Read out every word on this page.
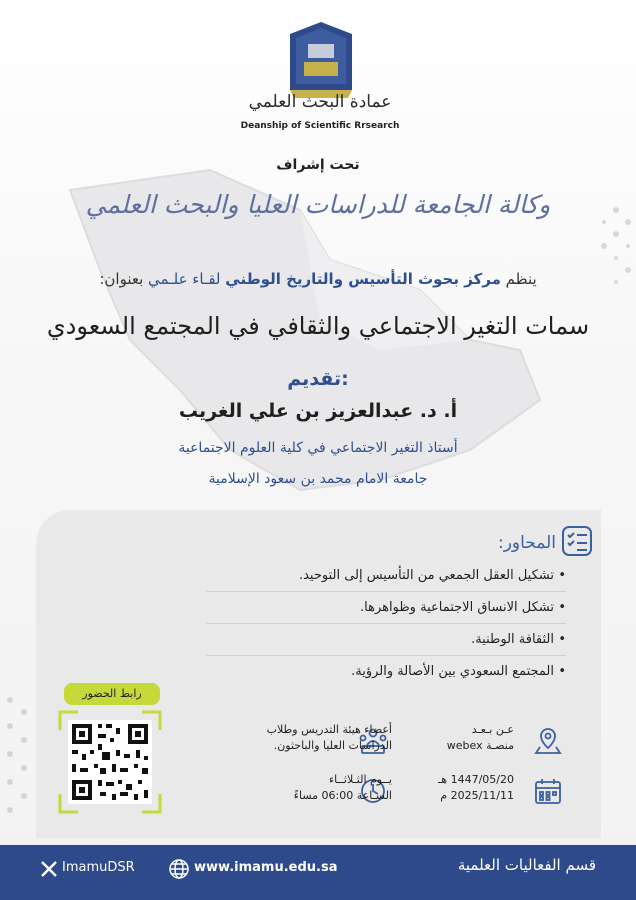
عمادة البحث العلمي
Deanship of Scientific Rrsearch
تحت إشراف
وكالة الجامعة للدراسات العليا والبحث العلمي
ينظم مركز بحوث التأسيس والتاريخ الوطني لقـاء علـمي بعنوان:
سمات التغير الاجتماعي والثقافي في المجتمع السعودي
تقديم:
أ. د. عبدالعزيز بن علي الغريب
أستاذ التغير الاجتماعي في كلية العلوم الاجتماعية
جامعة الامام محمد بن سعود الإسلامية
المحاور:
• تشكيل العقل الجمعي من التأسيس إلى التوحيد.
• تشكل الانساق الاجتماعية وظواهرها.
• الثقافة الوطنية.
• المجتمع السعودي بين الأصالة والرؤية.
رابط الحضور
أعضاء هيئة التدريس وطلاب
الدراسات العليا والباحثون.
عـن بـعـد
منصـة webex
يــوم الثـلاثــاء
السـاعة 06:00 مساءً
1447/05/20 هـ
2025/11/11 م
ImamuDSR	www.imamu.edu.sa	قسم الفعاليات العلمية
